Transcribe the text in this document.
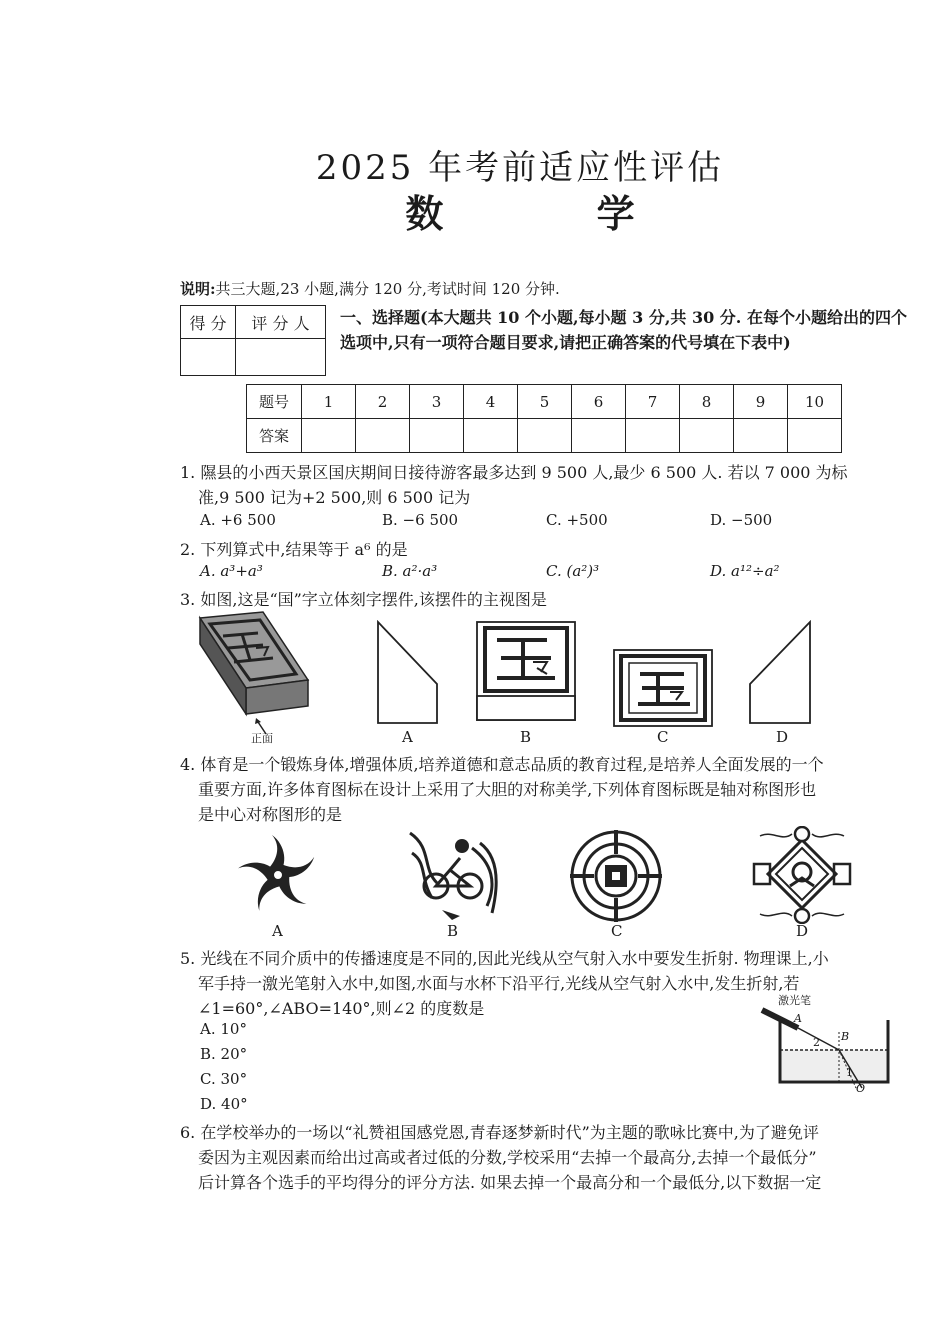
2025 年考前适应性评估
数 学
说明:共三大题,23 小题,满分 120 分,考试时间 120 分钟.
得 分	评 分 人
	一、选择题(本大题共 10 个小题,每小题 3 分,共 30 分. 在每个小题给出的四个选项中,只有一项符合题目要求,请把正确答案的代号填在下表中)
题号	1	2	3	4	5	6	7	8	9	10
答案										
1. 隰县的小西天景区国庆期间日接待游客最多达到 9 500 人,最少 6 500 人. 若以 7 000 为标
准,9 500 记为+2 500,则 6 500 记为
A. +6 500	B. −6 500	C. +500	D. −500
2. 下列算式中,结果等于 a⁶ 的是
A. a³+a³	B. a²·a³	C. (a²)³	D. a¹²÷a²
3. 如图,这是“国”字立体刻字摆件,该摆件的主视图是
正面	A	B	C	D
4. 体育是一个锻炼身体,增强体质,培养道德和意志品质的教育过程,是培养人全面发展的一个
重要方面,许多体育图标在设计上采用了大胆的对称美学,下列体育图标既是轴对称图形也
是中心对称图形的是
A	B	C	D
5. 光线在不同介质中的传播速度是不同的,因此光线从空气射入水中要发生折射. 物理课上,小
军手持一激光笔射入水中,如图,水面与水杯下沿平行,光线从空气射入水中,发生折射,若
∠1=60°,∠ABO=140°,则∠2 的度数是
A. 10°
B. 20°
C. 30°
D. 40°
激光笔
A
B
O
2
1
6. 在学校举办的一场以“礼赞祖国感党恩,青春逐梦新时代”为主题的歌咏比赛中,为了避免评
委因为主观因素而给出过高或者过低的分数,学校采用“去掉一个最高分,去掉一个最低分”
后计算各个选手的平均得分的评分方法. 如果去掉一个最高分和一个最低分,以下数据一定
